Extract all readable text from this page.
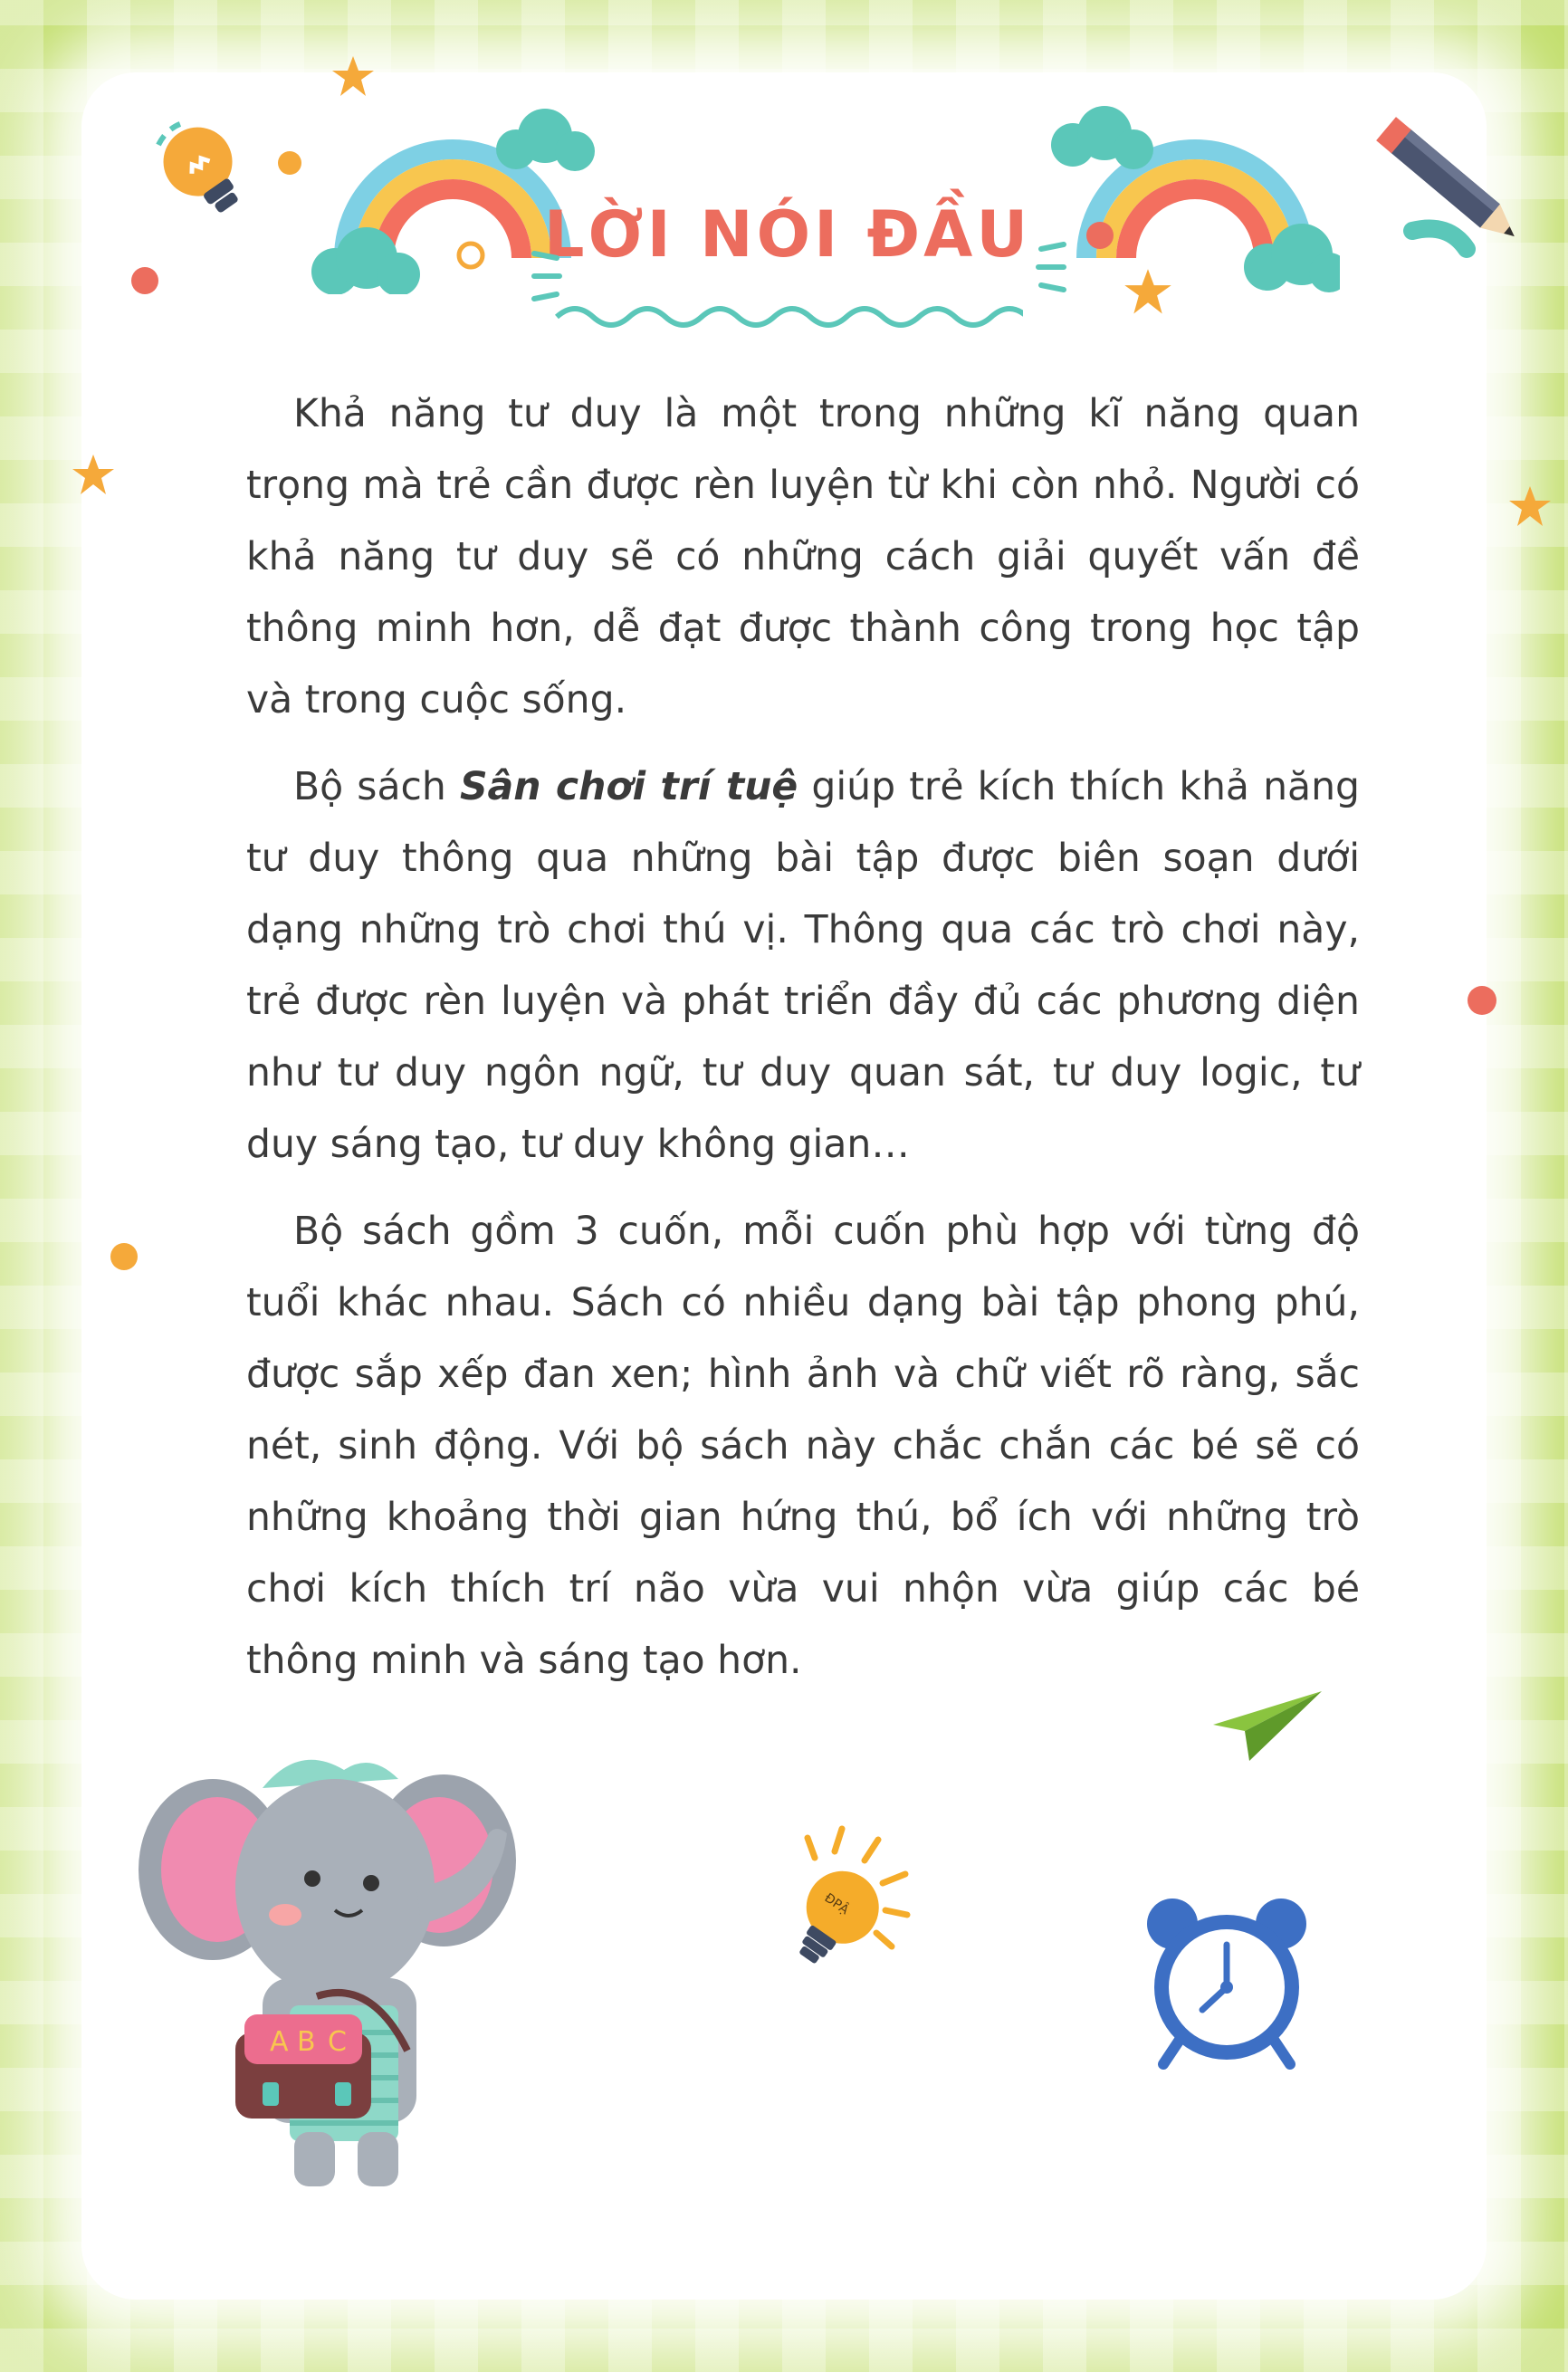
LỜI NÓI ĐẦU

Khả năng tư duy là một trong những kĩ năng quan trọng mà trẻ cần được rèn luyện từ khi còn nhỏ. Người có khả năng tư duy sẽ có những cách giải quyết vấn đề thông minh hơn, dễ đạt được thành công trong học tập và trong cuộc sống.

Bộ sách Sân chơi trí tuệ giúp trẻ kích thích khả năng tư duy thông qua những bài tập được biên soạn dưới dạng những trò chơi thú vị. Thông qua các trò chơi này, trẻ được rèn luyện và phát triển đầy đủ các phương diện như tư duy ngôn ngữ, tư duy quan sát, tư duy logic, tư duy sáng tạo, tư duy không gian…

Bộ sách gồm 3 cuốn, mỗi cuốn phù hợp với từng độ tuổi khác nhau. Sách có nhiều dạng bài tập phong phú, được sắp xếp đan xen; hình ảnh và chữ viết rõ ràng, sắc nét, sinh động. Với bộ sách này chắc chắn các bé sẽ có những khoảng thời gian hứng thú, bổ ích với những trò chơi kích thích trí não vừa vui nhộn vừa giúp các bé thông minh và sáng tạo hơn.

A B C
ĐPẬ
